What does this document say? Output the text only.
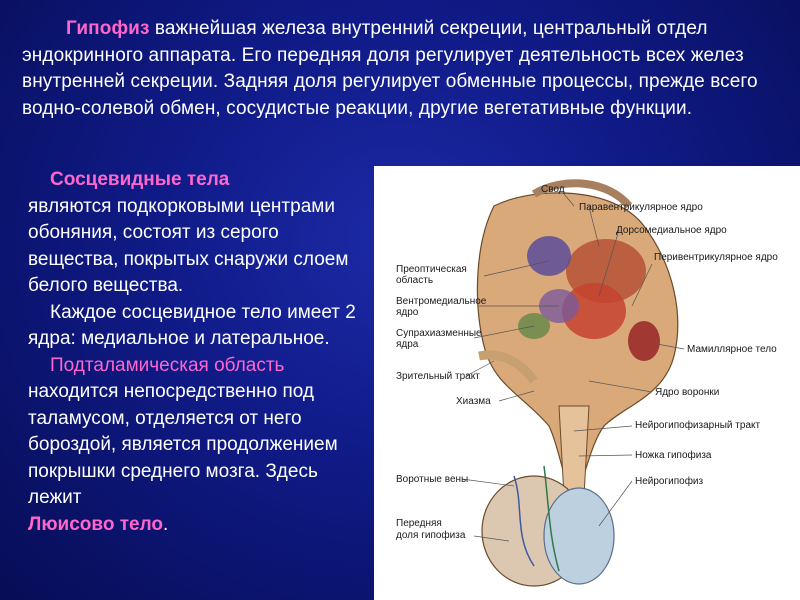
Гипофиз важнейшая железа внутренний секреции, центральный отдел эндокринного аппарата. Его передняя доля регулирует деятельность всех желез внутренней секреции. Задняя доля регулирует обменные процессы, прежде всего водно-солевой обмен, сосудистые реакции, другие вегетативные функции.
Сосцевидные тела
являются подкорковыми центрами обоняния, состоят из серого вещества, покрытых снаружи слоем белого вещества.
Каждое сосцевидное тело имеет 2 ядра: медиальное и латеральное.
Подталамическая область находится непосредственно под таламусом, отделяется от него бороздой, является продолжением покрышки среднего мозга. Здесь лежит
Люисово тело.
Свод
Паравентрикулярное ядро
Дорсомедиальное ядро
Перивентрикулярное ядро
Преоптическая область
Вентромедиальное ядро
Супрахиазменные ядра	Мамиллярное тело
Зрительный тракт
Ядро воронки
Хиазма
Нейрогипофизарный тракт
Ножка гипофиза
Воротные вены	Нейрогипофиз
Передняя доля гипофиза
